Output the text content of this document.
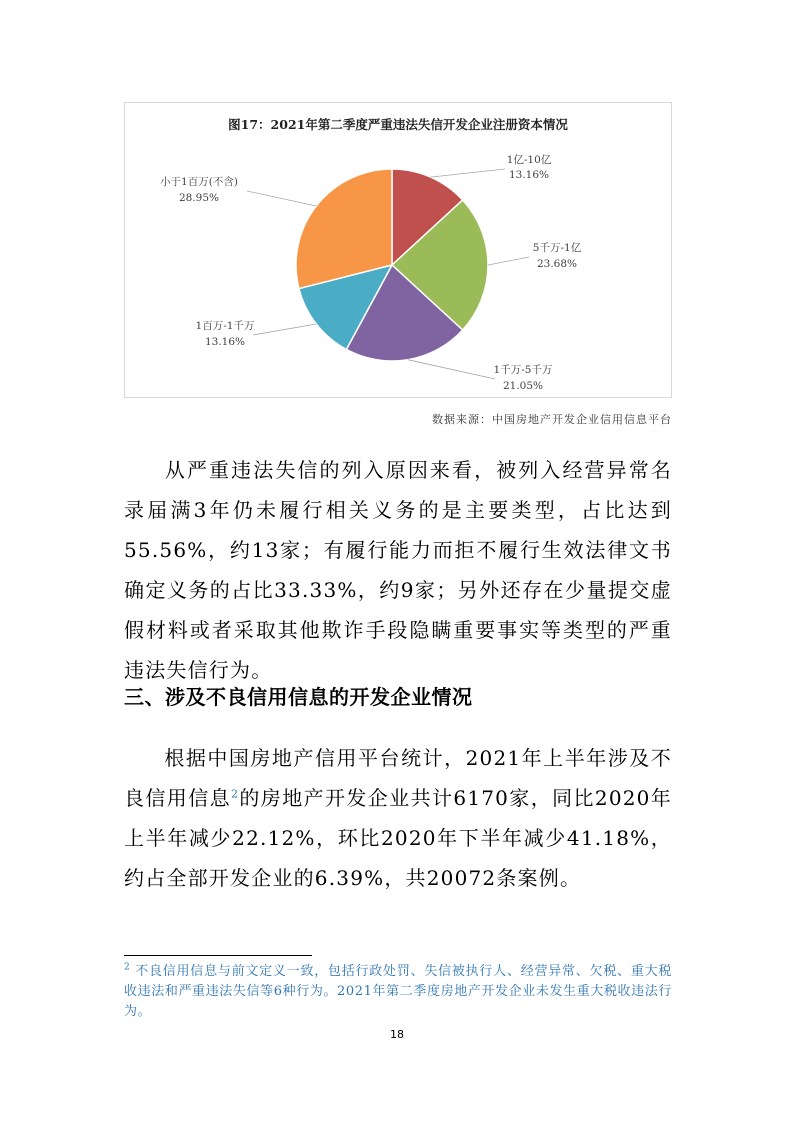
图17：2021年第二季度严重违法失信开发企业注册资本情况
1亿-10亿
13.16%
5千万-1亿
23.68%
1千万-5千万
21.05%
1百万-1千万
13.16%
小于1百万(不含)
28.95%
数据来源：中国房地产开发企业信用信息平台

从严重违法失信的列入原因来看，被列入经营异常名录届满3年仍未履行相关义务的是主要类型，占比达到55.56%，约13家；有履行能力而拒不履行生效法律文书确定义务的占比33.33%，约9家；另外还存在少量提交虚假材料或者采取其他欺诈手段隐瞒重要事实等类型的严重违法失信行为。

三、涉及不良信用信息的开发企业情况

根据中国房地产信用平台统计，2021年上半年涉及不良信用信息$^2$的房地产开发企业共计6170家，同比2020年上半年减少22.12%，环比2020年下半年减少41.18%，约占全部开发企业的6.39%，共20072条案例。

$^2$ 不良信用信息与前文定义一致，包括行政处罚、失信被执行人、经营异常、欠税、重大税收违法和严重违法失信等6种行为。2021年第二季度房地产开发企业未发生重大税收违法行为。

18
